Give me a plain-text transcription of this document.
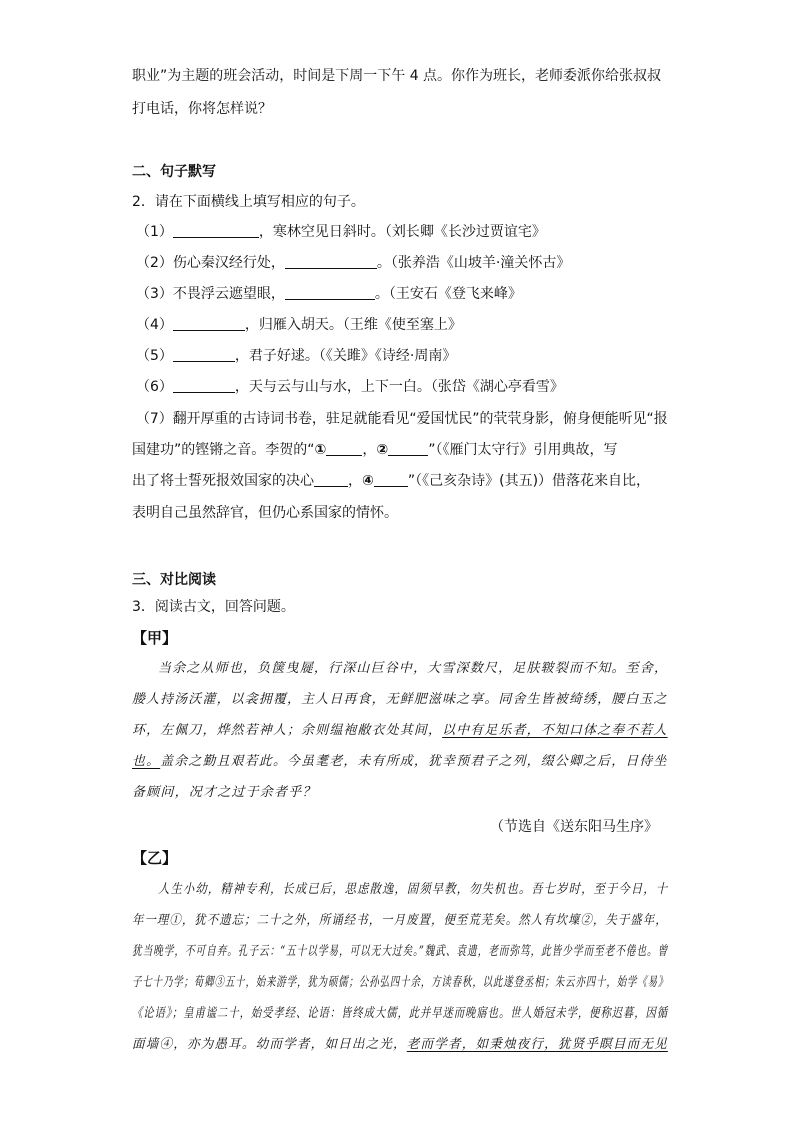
职业”为主题的班会活动，时间是下周一下午 4 点。你作为班长，老师委派你给张叔叔
打电话，你将怎样说？
二、句子默写
2．请在下面横线上填写相应的句子。
（1）	，寒林空见日斜时。（刘长卿《长沙过贾谊宅》
（2）伤心秦汉经行处，	。（张养浩《山坡羊·潼关怀古》
（3）不畏浮云遮望眼，	。（王安石《登飞来峰》
（4）	，归雁入胡天。（王维《使至塞上》
（5）	，君子好逑。（《关雎》《诗经·周南》
（6）	，天与云与山与水，上下一白。（张岱《湖心亭看雪》
（7）翻开厚重的古诗词书卷，驻足就能看见“爱国忧民”的茕茕身影，俯身便能听见“报
国建功”的铿锵之音。李贺的“①	，②	”（《雁门太守行》引用典故，写
出了将士誓死报效国家的决心 ，④ ”（《己亥杂诗》(其五)）借落花来自比，
表明自己虽然辞官，但仍心系国家的情怀。
三、对比阅读
3．阅读古文，回答问题。
【甲】
当余之从师也，负箧曳屣，行深山巨谷中，大雪深数尺，足肤皲裂而不知。至舍，
媵人持汤沃灌，以衾拥覆，主人日再食，无鲜肥滋味之享。同舍生皆被绮绣，腰白玉之
环，左佩刀，烨然若神人；余则缊袍敝衣处其间，以中有足乐者，不知口体之奉不若人
也。盖余之勤且艰若此。今虽耄老，未有所成，犹幸预君子之列，缀公卿之后，日侍坐
备顾问，况才之过于余者乎？
（节选自《送东阳马生序》
【乙】
人生小幼，精神专利，长成已后，思虑散逸，固须早教，勿失机也。吾七岁时，至于今日，十
年一理①，犹不遗忘；二十之外，所诵经书，一月废置，便至荒芜矣。然人有坎壈②，失于盛年，
犹当晚学，不可自弃。孔子云：“五十以学易，可以无大过矣。”魏武、袁遗，老而弥笃，此皆少学而至老不倦也。曾
子七十乃学；荀卿③五十，始来游学，犹为硕儒；公孙弘四十余，方读春秋，以此遂登丞相；朱云亦四十，始学《易》
《论语》；皇甫谧二十，始受孝经、论语：皆终成大儒，此并早迷而晚寤也。世人婚冠未学，便称迟暮，因循
面墙④，亦为愚耳。幼而学者，如日出之光，老而学者，如秉烛夜行，犹贤乎瞑目而无见
